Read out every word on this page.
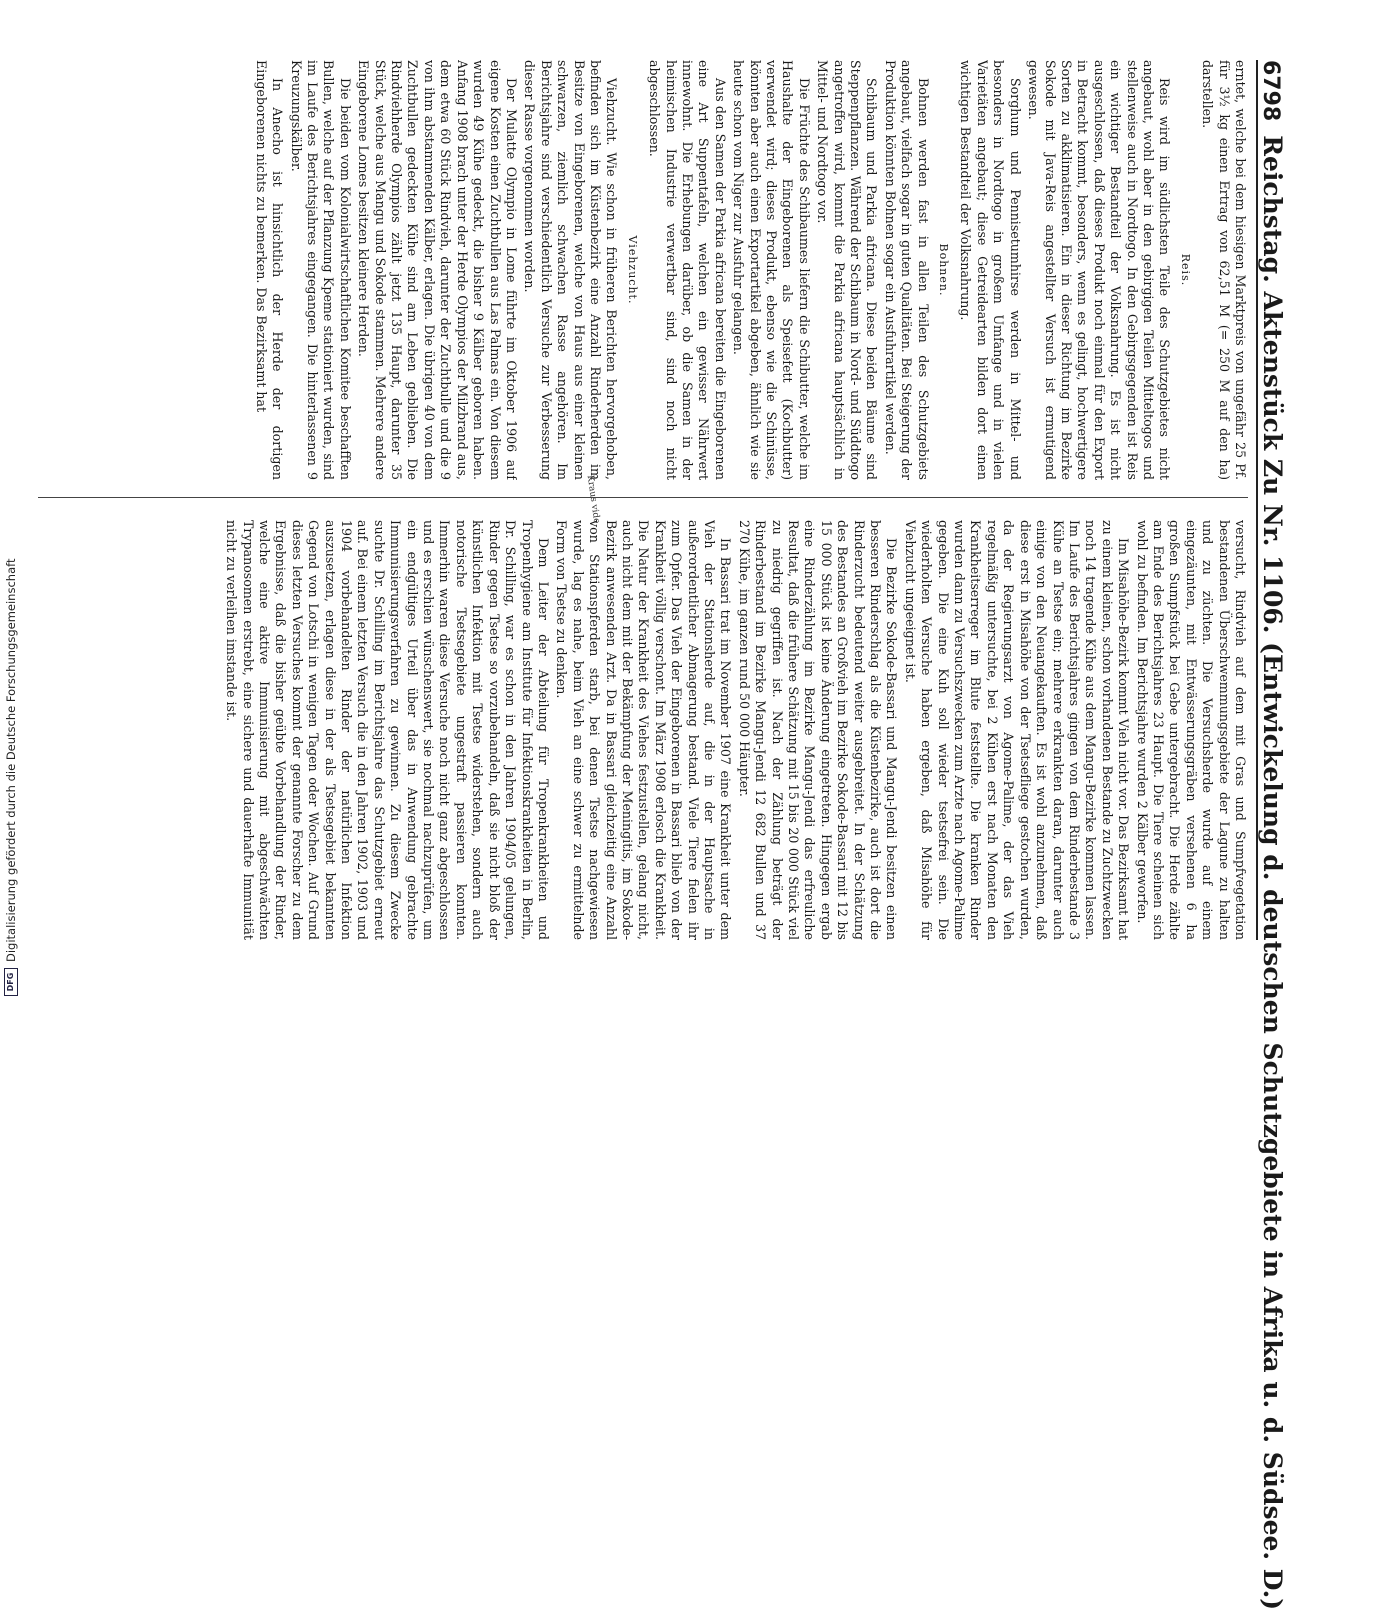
6798
Reichstag. Aktenstück Zu Nr. 1106. (Entwickelung d. deutschen Schutzgebiete in Afrika u. d. Südsee. D.)

erntet, welche bei dem hiesigen Marktpreis von ungefähr 25 Pf. für 3½ kg einen Ertrag von 62,51 M (= 250 M auf den ha) darstellen.

Reis.

Reis wird im südlichsten Teile des Schutzgebietes nicht angebaut, wohl aber in den gebirgigen Teilen Mitteltogos und stellenweise auch in Nordtogo. In den Gebirgsgegenden ist Reis ein wichtiger Bestandteil der Volksnahrung. Es ist nicht ausgeschlossen, daß dieses Produkt noch einmal für den Export in Betracht kommt, besonders, wenn es gelingt, hochwertigere Sorten zu akklimatisieren. Ein in dieser Richtung im Bezirke Sokode mit Java-Reis angestellter Versuch ist ermutigend gewesen.

Sorghum und Pennisetumhirse werden in Mittel- und besonders in Nordtogo in großem Umfange und in vielen Varietäten angebaut; diese Getreidearten bilden dort einen wichtigen Bestandteil der Volksnahrung.

Bohnen.

Bohnen werden fast in allen Teilen des Schutzgebiets angebaut, vielfach sogar in guten Qualitäten. Bei Steigerung der Produktion könnten Bohnen sogar ein Ausfuhrartikel werden.

Schibaum und Parkia africana. Diese beiden Bäume sind Steppenpflanzen. Während der Schibaum in Nord- und Süddtogo angetroffen wird, kommt die Parkia africana hauptsächlich in Mittel- und Nordtogo vor.

Die Früchte des Schibaumes liefern die Schibutter, welche im Haushalte der Eingeborenen als Speisefett (Kochbutter) verwendet wird; dieses Produkt, ebenso wie die Schinüsse, könnten aber auch einen Exportartikel abgeben, ähnlich wie sie heute schon vom Niger zur Ausfuhr gelangen.

Aus den Samen der Parkia africana bereiten die Eingeborenen eine Art Suppentafeln, welchen ein gewisser Nährwert innewohnt. Die Erhebungen darüber, ob die Samen in der heimischen Industrie verwertbar sind, sind noch nicht abgeschlossen.

Viehzucht.

Viehzucht. Wie schon in früheren Berichten hervorgehoben, befinden sich im Küstenbezirk eine Anzahl Rinderherden im Besitze von Eingeborenen, welche von Haus aus einer kleinen schwarzen, ziemlich schwachen Rasse angehören. Im Berichtsjahre sind verschiedentlich Versuche zur Verbesserung dieser Rasse vorgenommen worden.

Der Mulatte Olympio in Lome führte im Oktober 1906 auf eigene Kosten einen Zuchtbullen aus Las Palmas ein. Von diesem wurden 49 Kühe gedeckt, die bisher 9 Kälber geboren haben. Anfang 1908 brach unter der Herde Olympios der Milzbrand aus, dem etwa 60 Stück Rindvieh, darunter der Zuchtbulle und die 9 von ihm abstammenden Kälber, erlagen. Die übrigen 40 von dem Zuchtbullen gedeckten Kühe sind am Leben geblieben. Die Rindviehherde Olympios zählt jetzt 135 Haupt, darunter 35 Stück, welche aus Mangu und Sokode stammen. Mehrere andere Eingeborene Lomes besitzen kleinere Herden.

Die beiden vom Kolonialwirtschaftlichen Komitee beschafften Bullen, welche auf der Pflanzung Kpeme stationiert wurden, sind im Laufe des Berichtsjahres eingegangen. Die hinterlassenen 9 Kreuzungskälber.

In Anecho ist hinsichtlich der Herde der dortigen Eingeborenen nichts zu bemerken. Das Bezirksamt hat

Kraus vide

versucht, Rindvieh auf dem mit Gras und Sumpfvegetation bestandenen Überschwemmungsgebiete der Lagune zu halten und zu züchten. Die Versuchsherde wurde auf einem eingezäunten, mit Entwässerungsgräben versehenen 6 ha großen Sumpfstück bei Gebe untergebracht. Die Herde zählte am Ende des Berichtsjahres 23 Haupt. Die Tiere scheinen sich wohl zu befinden. Im Berichtsjahre wurden 2 Kälber geworfen.

Im Misahöhe-Bezirk kommt Vieh nicht vor. Das Bezirksamt hat zu einem kleinen, schon vorhandenen Bestande zu Zuchtzwecken noch 14 tragende Kühe aus dem Mangu-Bezirke kommen lassen. Im Laufe des Berichtsjahres gingen von dem Rinderbestande 3 Kühe an Tsetse ein; mehrere erkrankten daran, darunter auch einige von den Neuangekauften. Es ist wohl anzunehmen, daß diese erst in Misahöhe von der Tsetsefliege gestochen wurden, da der Regierungsarzt von Agome-Palime, der das Vieh regelmäßig untersuchte, bei 2 Kühen erst nach Monaten den Krankheitserreger im Blute feststellte. Die kranken Rinder wurden dann zu Versuchszwecken zum Arzte nach Agome-Palime gegeben. Die eine Kuh soll wieder tsetsefrei sein. Die wiederholten Versuche haben ergeben, daß Misahöhe für Viehzucht ungeeignet ist.

Die Bezirke Sokode-Bassari und Mangu-Jendi besitzen einen besseren Rinderschlag als die Küstenbezirke, auch ist dort die Rinderzucht bedeutend weiter ausgebreitet. In der Schätzung des Bestandes an Großvieh im Bezirke Sokode-Bassari mit 12 bis 15 000 Stück ist keine Änderung eingetreten. Hingegen ergab eine Rinderzählung im Bezirke Mangu-Jendi das erfreuliche Resultat, daß die frühere Schätzung mit 15 bis 20 000 Stück viel zu niedrig gegriffen ist. Nach der Zählung beträgt der Rinderbestand im Bezirke Mangu-Jendi 12 682 Bullen und 37 270 Kühe, im ganzen rund 50 000 Häupter.

In Bassari trat im November 1907 eine Krankheit unter dem Vieh der Stationsherde auf, die in der Hauptsache in außerordentlicher Abmagerung bestand. Viele Tiere fielen ihr zum Opfer. Das Vieh der Eingeborenen in Bassari blieb von der Krankheit völlig verschont. Im März 1908 erlosch die Krankheit. Die Natur der Krankheit des Viehes festzustellen, gelang nicht, auch nicht dem mit der Bekämpfung der Meningitis, im Sokode-Bezirk anwesenden Arzt. Da in Bassari gleichzeitig eine Anzahl von Stationspferden starb, bei denen Tsetse nachgewiesen wurde, lag es nahe, beim Vieh an eine schwer zu ermittelnde Form von Tsetse zu denken.

Dem Leiter der Abteilung für Tropenkrankheiten und Tropenhygiene am Institute für Infektionskrankheiten in Berlin, Dr. Schilling, war es schon in den Jahren 1904/05 gelungen, Rinder gegen Tsetse so vorzubehandeln, daß sie nicht bloß der künstlichen Infektion mit Tsetse widerstehen, sondern auch notorische Tsetsegebiete ungestraft passieren konnten. Immerhin waren diese Versuche noch nicht ganz abgeschlossen und es erschien wünschenswert, sie nochmal nachzuprüfen, um ein endgültiges Urteil über das in Anwendung gebrachte Immunisierungsverfahren zu gewinnen. Zu diesem Zwecke suchte Dr. Schilling im Berichtsjahre das Schutzgebiet erneut auf. Bei einem letzten Versuch die in den Jahren 1902, 1903 und 1904 vorbehandelten Rinder der natürlichen Infektion auszusetzen, erlagen diese in der als Tsetsegebiet bekannten Gegend von Lotschi in wenigen Tagen oder Wochen. Auf Grund dieses letzten Versuches kommt der genannte Forscher zu dem Ergebnisse, daß die bisher geübte Vorbehandlung der Rinder, welche eine aktive Immunisierung mit abgeschwächten Trypanosomen erstrebt, eine sichere und dauerhafte Immunität nicht zu verleihen imstande ist.

DFG
Digitalisierung gefördert durch die Deutsche Forschungsgemeinschaft
